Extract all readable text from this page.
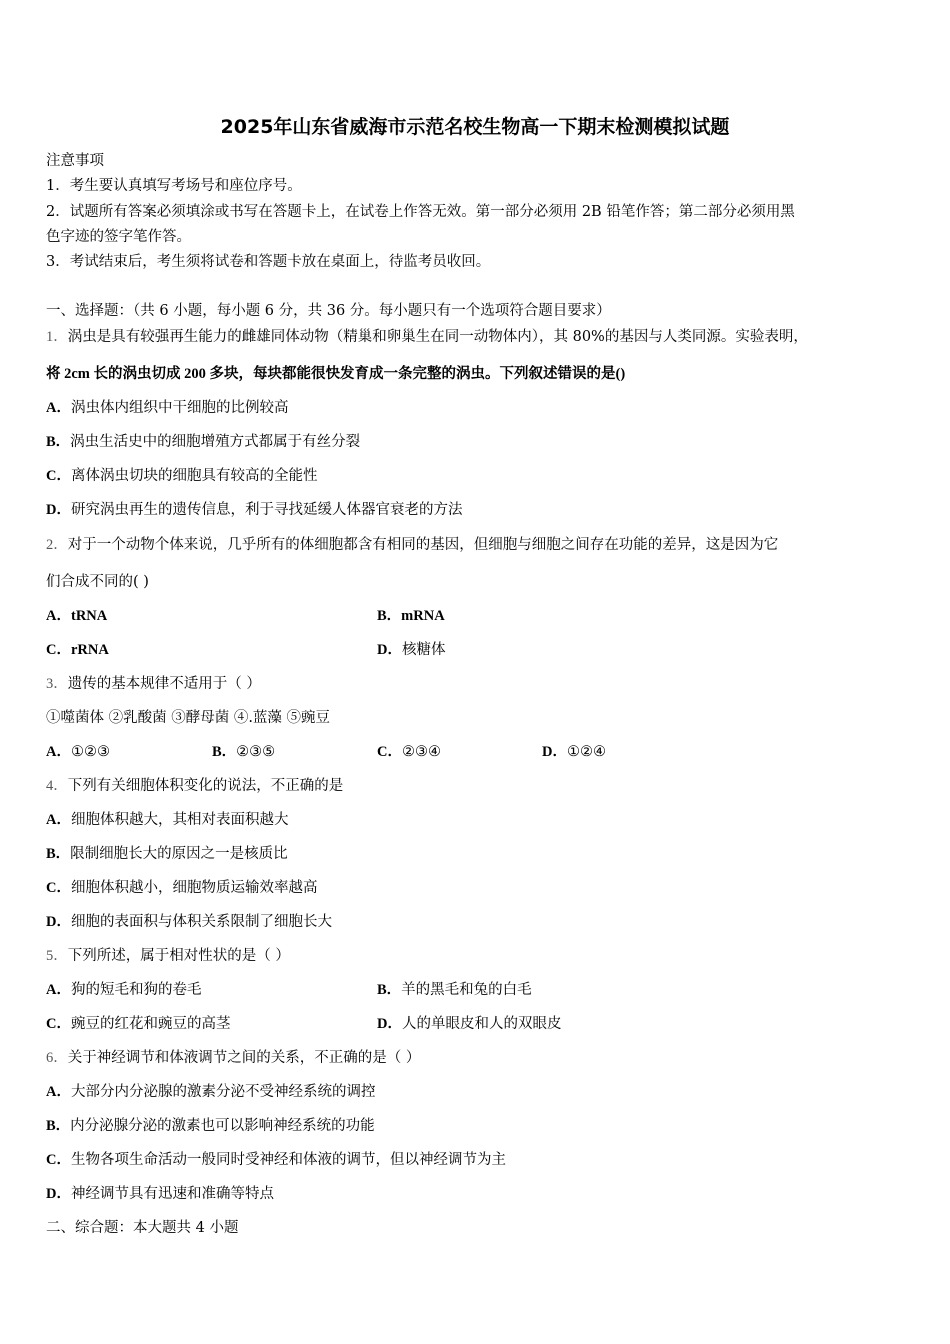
2025年山东省威海市示范名校生物高一下期末检测模拟试题
注意事项
1．考生要认真填写考场号和座位序号。
2．试题所有答案必须填涂或书写在答题卡上，在试卷上作答无效。第一部分必须用 2B 铅笔作答；第二部分必须用黑
色字迹的签字笔作答。
3．考试结束后，考生须将试卷和答题卡放在桌面上，待监考员收回。
一、选择题：（共 6 小题，每小题 6 分，共 36 分。每小题只有一个选项符合题目要求）
1．涡虫是具有较强再生能力的雌雄同体动物（精巢和卵巢生在同一动物体内），其 80%的基因与人类同源。实验表明，
将 2cm 长的涡虫切成 200 多块，每块都能很快发育成一条完整的涡虫。下列叙述错误的是()
A．涡虫体内组织中干细胞的比例较高
B．涡虫生活史中的细胞增殖方式都属于有丝分裂
C．离体涡虫切块的细胞具有较高的全能性
D．研究涡虫再生的遗传信息，利于寻找延缓人体器官衰老的方法
2．对于一个动物个体来说，几乎所有的体细胞都含有相同的基因，但细胞与细胞之间存在功能的差异，这是因为它
们合成不同的( )
A．tRNA	B．mRNA
C．rRNA	D．核糖体
3．遗传的基本规律不适用于（ ）
①噬菌体 ②乳酸菌 ③酵母菌 ④.蓝藻 ⑤豌豆
A．①②③	B．②③⑤	C．②③④	D．①②④
4．下列有关细胞体积变化的说法，不正确的是
A．细胞体积越大，其相对表面积越大
B．限制细胞长大的原因之一是核质比
C．细胞体积越小，细胞物质运输效率越高
D．细胞的表面积与体积关系限制了细胞长大
5．下列所述，属于相对性状的是（ ）
A．狗的短毛和狗的卷毛	B．羊的黑毛和兔的白毛
C．豌豆的红花和豌豆的高茎	D．人的单眼皮和人的双眼皮
6．关于神经调节和体液调节之间的关系，不正确的是（ ）
A．大部分内分泌腺的激素分泌不受神经系统的调控
B．内分泌腺分泌的激素也可以影响神经系统的功能
C．生物各项生命活动一般同时受神经和体液的调节，但以神经调节为主
D．神经调节具有迅速和准确等特点
二、综合题：本大题共 4 小题
